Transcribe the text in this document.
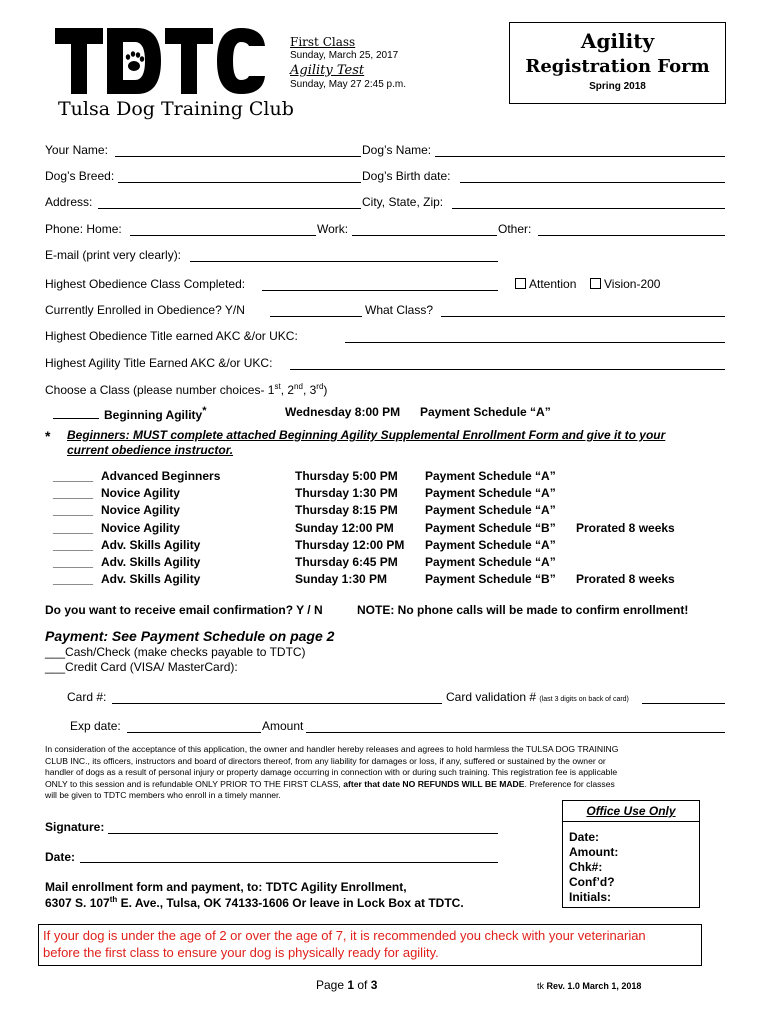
Tulsa Dog Training Club
First Class
Sunday, March 25, 2017
Agility Test
Sunday, May 27 2:45 p.m.
Agility
Registration Form
Spring 2018
Your Name:	Dog’s Name:
Dog’s Breed:	Dog’s Birth date:
Address:	City, State, Zip:
Phone: Home:	Work:	Other:
E-mail (print very clearly):
Highest Obedience Class Completed:	Attention	Vision-200
Currently Enrolled in Obedience? Y/N	What Class?
Highest Obedience Title earned AKC &/or UKC:
Highest Agility Title Earned AKC &/or UKC:
Choose a Class (please number choices- 1st, 2nd, 3rd)
Beginning Agility*	Wednesday 8:00 PM Payment Schedule “A”
* Beginners: MUST complete attached Beginning Agility Supplemental Enrollment Form and give it to your
current obedience instructor.
______ Advanced Beginners	Thursday 5:00 PM Payment Schedule “A”
______ Novice Agility	Thursday 1:30 PM Payment Schedule “A”
______ Novice Agility	Thursday 8:15 PM Payment Schedule “A”
______ Novice Agility	Sunday 12:00 PM	Payment Schedule “B” Prorated 8 weeks
______ Adv. Skills Agility	Thursday 12:00 PM Payment Schedule “A”
______ Adv. Skills Agility	Thursday 6:45 PM Payment Schedule “A”
______ Adv. Skills Agility	Sunday 1:30 PM	Payment Schedule “B” Prorated 8 weeks
Do you want to receive email confirmation? Y / N	NOTE: No phone calls will be made to confirm enrollment!
Payment: See Payment Schedule on page 2
___Cash/Check (make checks payable to TDTC)
___Credit Card (VISA/ MasterCard):
Card #:	Card validation # (last 3 digits on back of card)
Exp date:	Amount
In consideration of the acceptance of this application, the owner and handler hereby releases and agrees to hold harmless the TULSA DOG TRAINING
CLUB INC., its officers, instructors and board of directors thereof, from any liability for damages or loss, if any, suffered or sustained by the owner or
handler of dogs as a result of personal injury or property damage occurring in connection with or during such training. This registration fee is applicable
ONLY to this session and is refundable ONLY PRIOR TO THE FIRST CLASS, after that date NO REFUNDS WILL BE MADE. Preference for classes
will be given to TDTC members who enroll in a timely manner.
Signature:
Date:
Mail enrollment form and payment, to: TDTC Agility Enrollment,
6307 S. 107th E. Ave., Tulsa, OK 74133-1606 Or leave in Lock Box at TDTC.
Office Use Only
Date:
Amount:
Chk#:
Conf’d?
Initials:
If your dog is under the age of 2 or over the age of 7, it is recommended you check with your veterinarian
before the first class to ensure your dog is physically ready for agility.
Page 1 of 3	tk Rev. 1.0 March 1, 2018
